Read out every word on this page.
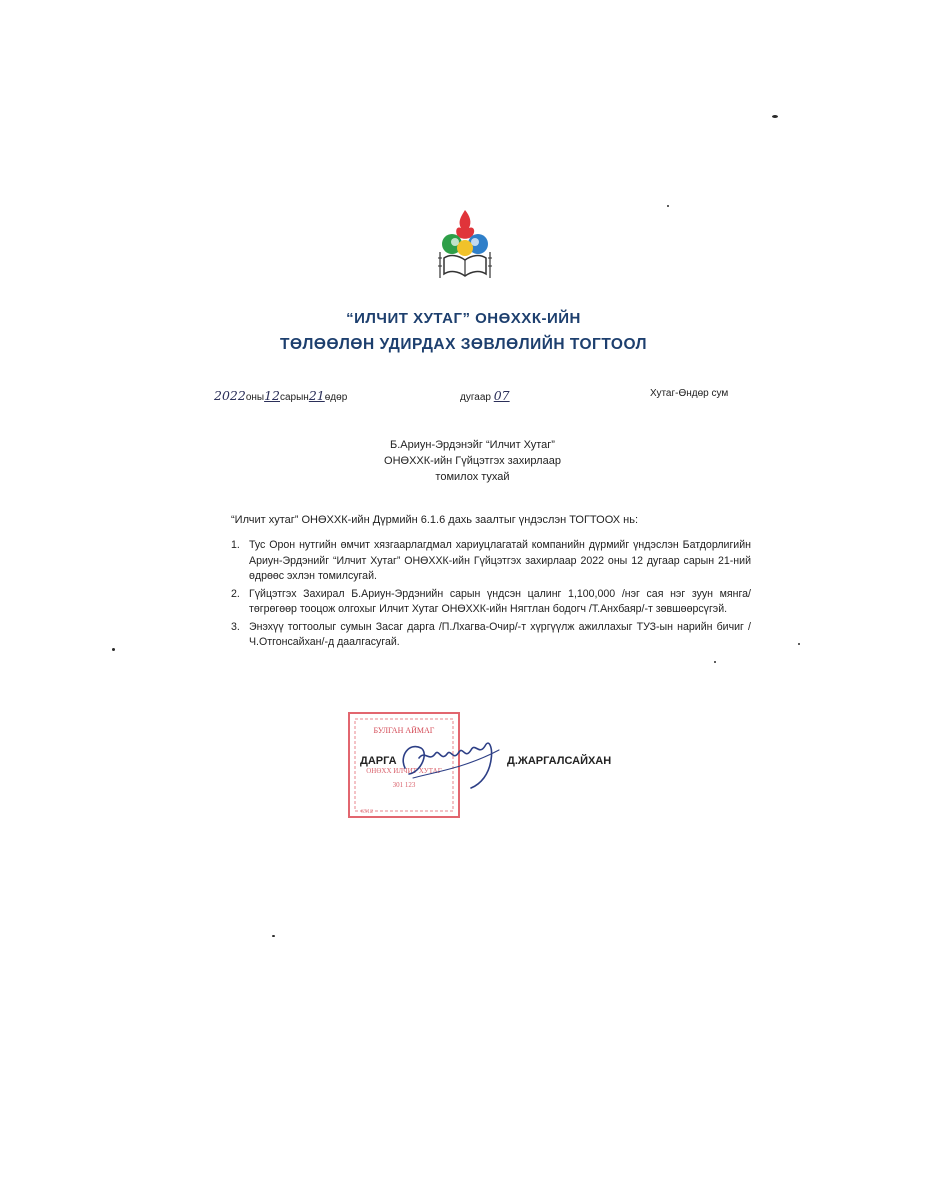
“ИЛЧИТ ХУТАГ” ОНӨХХК-ИЙН
ТӨЛӨӨЛӨН УДИРДАХ ЗӨВЛӨЛИЙН ТОГТООЛ
2022оны12сарын21өдөр	дугаар 07	Хутаг-Өндөр сум
Б.Ариун-Эрдэнэйг “Илчит Хутаг”
ОНӨХХК-ийн Гүйцэтгэх захирлаар
томилох тухай
“Илчит хутаг” ОНӨХХК-ийн Дүрмийн 6.1.6 дахь заалтыг үндэслэн ТОГТООХ нь:
1. Тус Орон нутгийн өмчит хязгаарлагдмал хариуцлагатай компанийн дүрмийг үндэслэн Батдорлигийн Ариун-Эрдэнийг “Илчит Хутаг” ОНӨХХК-ийн Гүйцэтгэх захирлаар 2022 оны 12 дугаар сарын 21-ний өдрөөс эхлэн томилсугай.
2. Гүйцэтгэх Захирал Б.Ариун-Эрдэнийн сарын үндсэн цалинг 1,100,000 /нэг сая нэг зуун мянга/ төгрөгөөр тооцож олгохыг Илчит Хутаг ОНӨХХК-ийн Нягтлан бодогч /Т.Анхбаяр/-т зөвшөөрсүгэй.
3. Энэхүү тогтоолыг сумын Засаг дарга /П.Лхагва-Очир/-т хүргүүлж ажиллахыг ТУЗ-ын нарийн бичиг /Ч.Отгонсайхан/-д даалгасугай.
БУЛГАН АЙМАГ
ОНӨХХ ИЛЧИТ ХУТАГ
301 123
6512
ДАРГА	Д.ЖАРГАЛСАЙХАН
